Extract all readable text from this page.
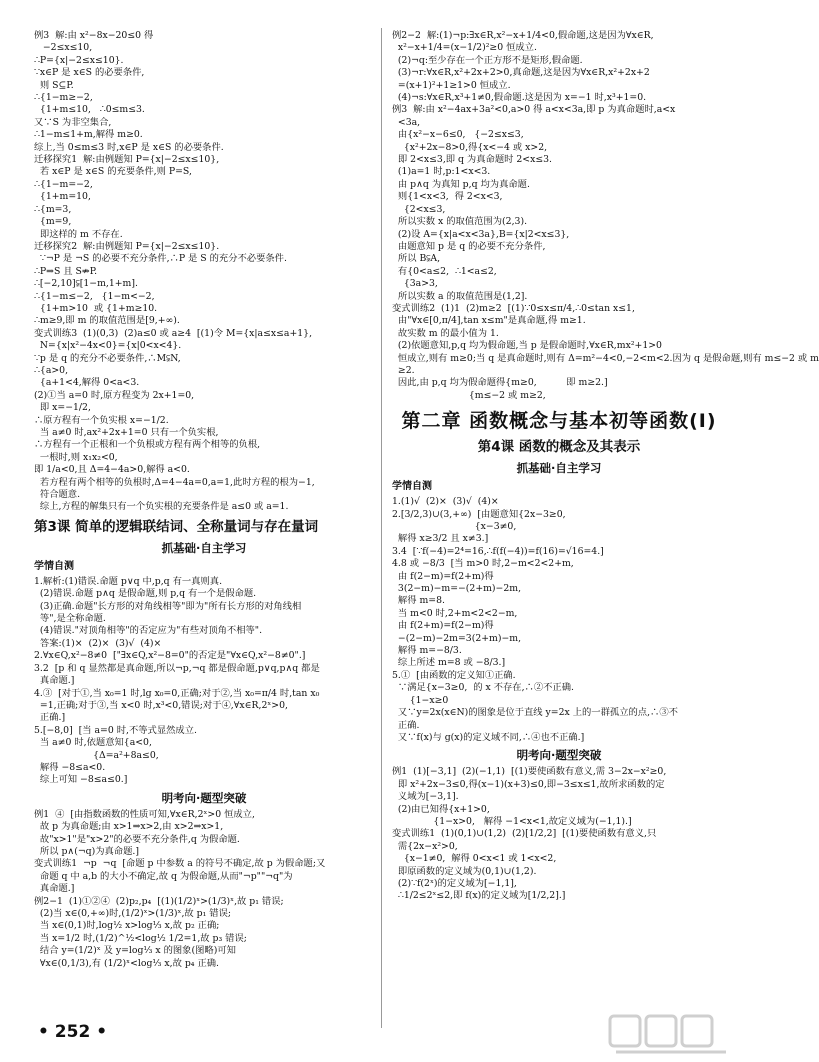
例3  解:由 x²−8x−20≤0 得
−2≤x≤10,
∴P={x|−2≤x≤10}.
∵x∈P 是 x∈S 的必要条件,
则 S⊆P.
∴{1−m≥−2,
{1+m≤10,   ∴0≤m≤3.
又∵S 为非空集合,
∴1−m≤1+m,解得 m≥0.
综上,当 0≤m≤3 时,x∈P 是 x∈S 的必要条件.
迁移探究1  解:由例题知 P={x|−2≤x≤10},
若 x∈P 是 x∈S 的充要条件,则 P=S,
∴{1−m=−2,
{1+m=10,
∴{m=3,
{m=9,
即这样的 m 不存在.
迁移探究2  解:由例题知 P={x|−2≤x≤10}.
∵¬P 是 ¬S 的必要不充分条件,∴P 是 S 的充分不必要条件.
∴P⇒S 且 S⇏P.
∴[−2,10]⫋[1−m,1+m].
∴{1−m≤−2,   {1−m<−2,
{1+m>10  或 {1+m≥10.
∴m≥9,即 m 的取值范围是[9,+∞).
变式训练3  (1)(0,3)  (2)a≤0 或 a≥4  [(1)令 M={x|a≤x≤a+1},
N={x|x²−4x<0}={x|0<x<4}.
∵p 是 q 的充分不必要条件,∴M⫋N,
∴{a>0,
{a+1<4,解得 0<a<3.
(2)①当 a=0 时,原方程变为 2x+1=0,
即 x=−1/2,
∴原方程有一个负实根 x=−1/2.
当 a≠0 时,ax²+2x+1=0 只有一个负实根,
∴方程有一个正根和一个负根或方程有两个相等的负根,
一根时,则 x₁x₂<0,
即 1/a<0,且 Δ=4−4a>0,解得 a<0.
若方程有两个相等的负根时,Δ=4−4a=0,a=1,此时方程的根为−1,
符合题意.
综上,方程的解集只有一个负实根的充要条件是 a≤0 或 a=1.
第3课 简单的逻辑联结词、全称量词与存在量词
抓基础·自主学习
学情自测
1.解析:(1)错误.命题 p∨q 中,p,q 有一真则真.
(2)错误.命题 p∧q 是假命题,则 p,q 有一个是假命题.
(3)正确.命题"长方形的对角线相等"即为"所有长方形的对角线相
等",是全称命题.
(4)错误."对顶角相等"的否定应为"有些对顶角不相等".
答案:(1)×  (2)×  (3)√  (4)×
2.∀x∈Q,x²−8≠0  ["∃x∈Q,x²−8=0"的否定是"∀x∈Q,x²−8≠0".]
3.2  [p 和 q 显然都是真命题,所以¬p,¬q 都是假命题,p∨q,p∧q 都是
真命题.]
4.③  [对于①,当 x₀=1 时,lg x₀=0,正确;对于②,当 x₀=π/4 时,tan x₀
=1,正确;对于③,当 x<0 时,x³<0,错误;对于④,∀x∈R,2ˣ>0,
正确.]
5.[−8,0]  [当 a=0 时,不等式显然成立.
当 a≠0 时,依题意知{a<0,
{Δ=a²+8a≤0,
解得 −8≤a<0.
综上可知 −8≤a≤0.]
明考向·题型突破
例1  ④  [由指数函数的性质可知,∀x∈R,2ˣ>0 恒成立,
故 p 为真命题;由 x>1⇒x>2,由 x>2⇒x>1,
故"x>1"是"x>2"的必要不充分条件,q 为假命题.
所以 p∧(¬q)为真命题.]
变式训练1  ¬p  ¬q  [命题 p 中参数 a 的符号不确定,故 p 为假命题;又
命题 q 中 a,b 的大小不确定,故 q 为假命题,从而"¬p""¬q"为
真命题.]
例2−1  (1)①②④  (2)p₂,p₄  [(1)(1/2)ˣ>(1/3)ˣ,故 p₁ 错误;
(2)当 x∈(0,+∞)时,(1/2)ˣ>(1/3)ˣ,故 p₁ 错误;
当 x∈(0,1)时,log½ x>log⅓ x,故 p₂ 正确;
当 x=1/2 时,(1/2)^½<log½ 1/2=1,故 p₃ 错误;
结合 y=(1/2)ˣ 及 y=log⅓ x 的图象(图略)可知
∀x∈(0,1/3),有 (1/2)ˣ<log⅓ x,故 p₄ 正确.
例2−2  解:(1)¬p:∃x∈R,x²−x+1/4<0,假命题,这是因为∀x∈R,
x²−x+1/4=(x−1/2)²≥0 恒成立.
(2)¬q:至少存在一个正方形不是矩形,假命题.
(3)¬r:∀x∈R,x²+2x+2>0,真命题,这是因为∀x∈R,x²+2x+2
=(x+1)²+1≥1>0 恒成立.
(4)¬s:∀x∈R,x³+1≠0,假命题.这是因为 x=−1 时,x³+1=0.
例3  解:由 x²−4ax+3a²<0,a>0 得 a<x<3a,即 p 为真命题时,a<x
<3a,
由{x²−x−6≤0,   {−2≤x≤3,
{x²+2x−8>0,得{x<−4 或 x>2,
即 2<x≤3,即 q 为真命题时 2<x≤3.
(1)a=1 时,p:1<x<3.
由 p∧q 为真知 p,q 均为真命题.
则{1<x<3,  得 2<x<3,
{2<x≤3,
所以实数 x 的取值范围为(2,3).
(2)设 A={x|a<x<3a},B={x|2<x≤3},
由题意知 p 是 q 的必要不充分条件,
所以 B⫋A,
有{0<a≤2,  ∴1<a≤2,
{3a>3,
所以实数 a 的取值范围是(1,2].
变式训练2  (1)1  (2)m≥2  [(1)∵0≤x≤π/4,∴0≤tan x≤1,
由"∀x∈[0,π/4],tan x≤m"是真命题,得 m≥1.
故实数 m 的最小值为 1.
(2)依题意知,p,q 均为假命题,当 p 是假命题时,∀x∈R,mx²+1>0
恒成立,则有 m≥0;当 q 是真命题时,则有 Δ=m²−4<0,−2<m<2.因为 q 是假命题,则有 m≤−2 或 m
≥2.
因此,由 p,q 均为假命题得{m≥0,          即 m≥2.]
{m≤−2 或 m≥2,
第二章 函数概念与基本初等函数(Ⅰ)
第4课 函数的概念及其表示
抓基础·自主学习
学情自测
1.(1)√  (2)×  (3)√  (4)×
2.[3/2,3)∪(3,+∞)  [由题意知{2x−3≥0,
{x−3≠0,
解得 x≥3/2 且 x≠3.]
3.4  [∵f(−4)=2⁴=16,∴f(f(−4))=f(16)=√16=4.]
4.8 或 −8/3  [当 m>0 时,2−m<2<2+m,
由 f(2−m)=f(2+m)得
3(2−m)−m=−(2+m)−2m,
解得 m=8.
当 m<0 时,2+m<2<2−m,
由 f(2+m)=f(2−m)得
−(2−m)−2m=3(2+m)−m,
解得 m=−8/3.
综上所述 m=8 或 −8/3.]
5.①  [由函数的定义知①正确.
∵满足{x−3≥0,  的 x 不存在,∴②不正确.
{1−x≥0
又∵y=2x(x∈N)的图象是位于直线 y=2x 上的一群孤立的点,∴③不
正确.
又∵f(x)与 g(x)的定义域不同,∴④也不正确.]
明考向·题型突破
例1  (1)[−3,1]  (2)(−1,1)  [(1)要使函数有意义,需 3−2x−x²≥0,
即 x²+2x−3≤0,得(x−1)(x+3)≤0,即−3≤x≤1,故所求函数的定
义域为[−3,1].
(2)由已知得{x+1>0,
{1−x>0,   解得 −1<x<1,故定义域为(−1,1).]
变式训练1  (1)(0,1)∪(1,2)  (2)[1/2,2]  [(1)要使函数有意义,只
需{2x−x²>0,
{x−1≠0,  解得 0<x<1 或 1<x<2,
即原函数的定义域为(0,1)∪(1,2).
(2)∵f(2ˣ)的定义域为[−1,1],
∴1/2≤2ˣ≤2,即 f(x)的定义域为[1/2,2].]
• 252 •
